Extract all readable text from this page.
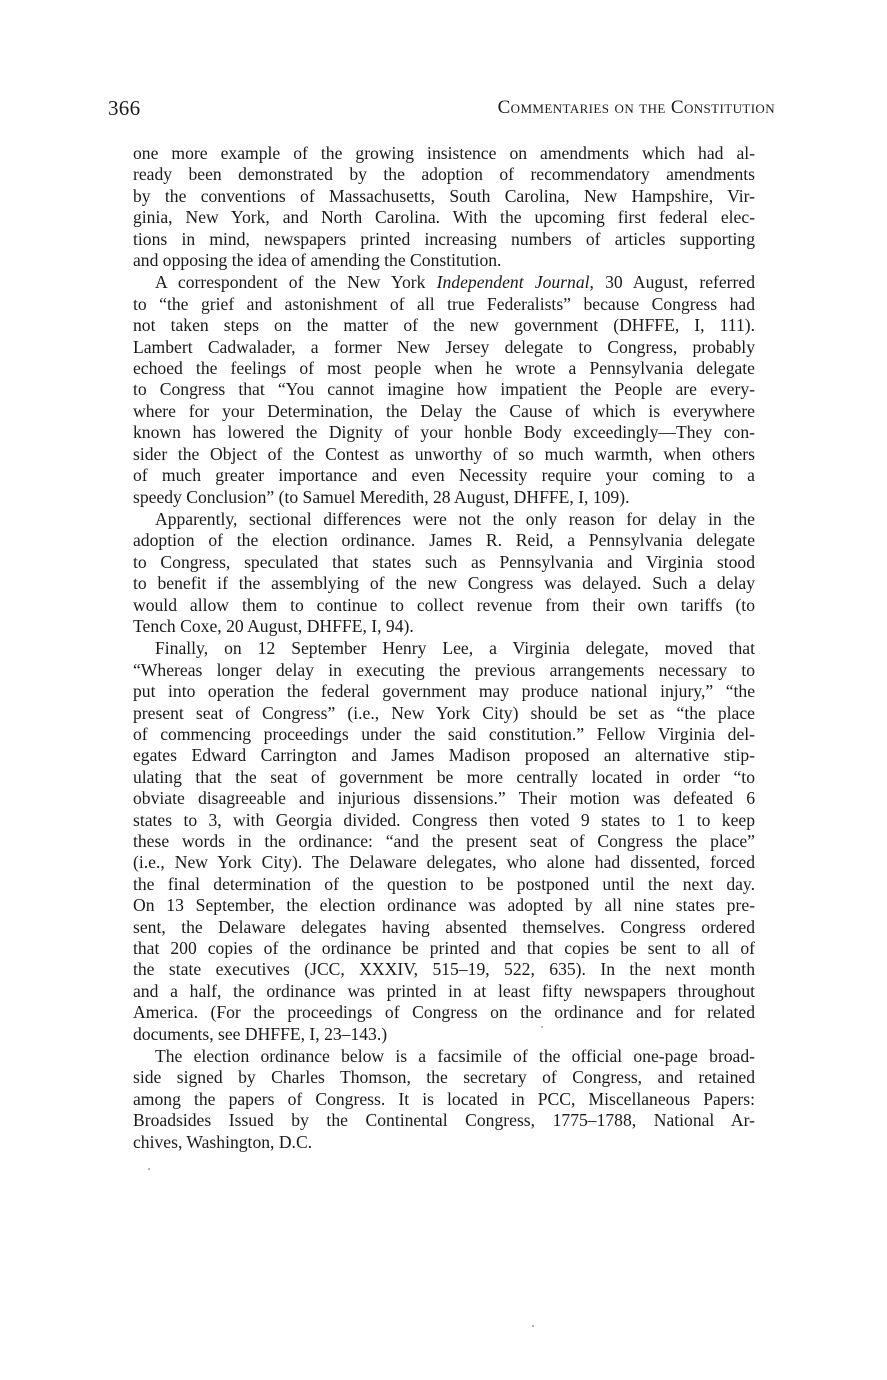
366	Commentaries on the Constitution
one more example of the growing insistence on amendments which had al-
ready been demonstrated by the adoption of recommendatory amendments
by the conventions of Massachusetts, South Carolina, New Hampshire, Vir-
ginia, New York, and North Carolina. With the upcoming first federal elec-
tions in mind, newspapers printed increasing numbers of articles supporting
and opposing the idea of amending the Constitution.
A correspondent of the New York Independent Journal, 30 August, referred
to “the grief and astonishment of all true Federalists” because Congress had
not taken steps on the matter of the new government (DHFFE, I, 111).
Lambert Cadwalader, a former New Jersey delegate to Congress, probably
echoed the feelings of most people when he wrote a Pennsylvania delegate
to Congress that “You cannot imagine how impatient the People are every-
where for your Determination, the Delay the Cause of which is everywhere
known has lowered the Dignity of your honble Body exceedingly—They con-
sider the Object of the Contest as unworthy of so much warmth, when others
of much greater importance and even Necessity require your coming to a
speedy Conclusion” (to Samuel Meredith, 28 August, DHFFE, I, 109).
Apparently, sectional differences were not the only reason for delay in the
adoption of the election ordinance. James R. Reid, a Pennsylvania delegate
to Congress, speculated that states such as Pennsylvania and Virginia stood
to benefit if the assemblying of the new Congress was delayed. Such a delay
would allow them to continue to collect revenue from their own tariffs (to
Tench Coxe, 20 August, DHFFE, I, 94).
Finally, on 12 September Henry Lee, a Virginia delegate, moved that
“Whereas longer delay in executing the previous arrangements necessary to
put into operation the federal government may produce national injury,” “the
present seat of Congress” (i.e., New York City) should be set as “the place
of commencing proceedings under the said constitution.” Fellow Virginia del-
egates Edward Carrington and James Madison proposed an alternative stip-
ulating that the seat of government be more centrally located in order “to
obviate disagreeable and injurious dissensions.” Their motion was defeated 6
states to 3, with Georgia divided. Congress then voted 9 states to 1 to keep
these words in the ordinance: “and the present seat of Congress the place”
(i.e., New York City). The Delaware delegates, who alone had dissented, forced
the final determination of the question to be postponed until the next day.
On 13 September, the election ordinance was adopted by all nine states pre-
sent, the Delaware delegates having absented themselves. Congress ordered
that 200 copies of the ordinance be printed and that copies be sent to all of
the state executives (JCC, XXXIV, 515–19, 522, 635). In the next month
and a half, the ordinance was printed in at least fifty newspapers throughout
America. (For the proceedings of Congress on the ordinance and for related
documents, see DHFFE, I, 23–143.)
The election ordinance below is a facsimile of the official one-page broad-
side signed by Charles Thomson, the secretary of Congress, and retained
among the papers of Congress. It is located in PCC, Miscellaneous Papers:
Broadsides Issued by the Continental Congress, 1775–1788, National Ar-
chives, Washington, D.C.
